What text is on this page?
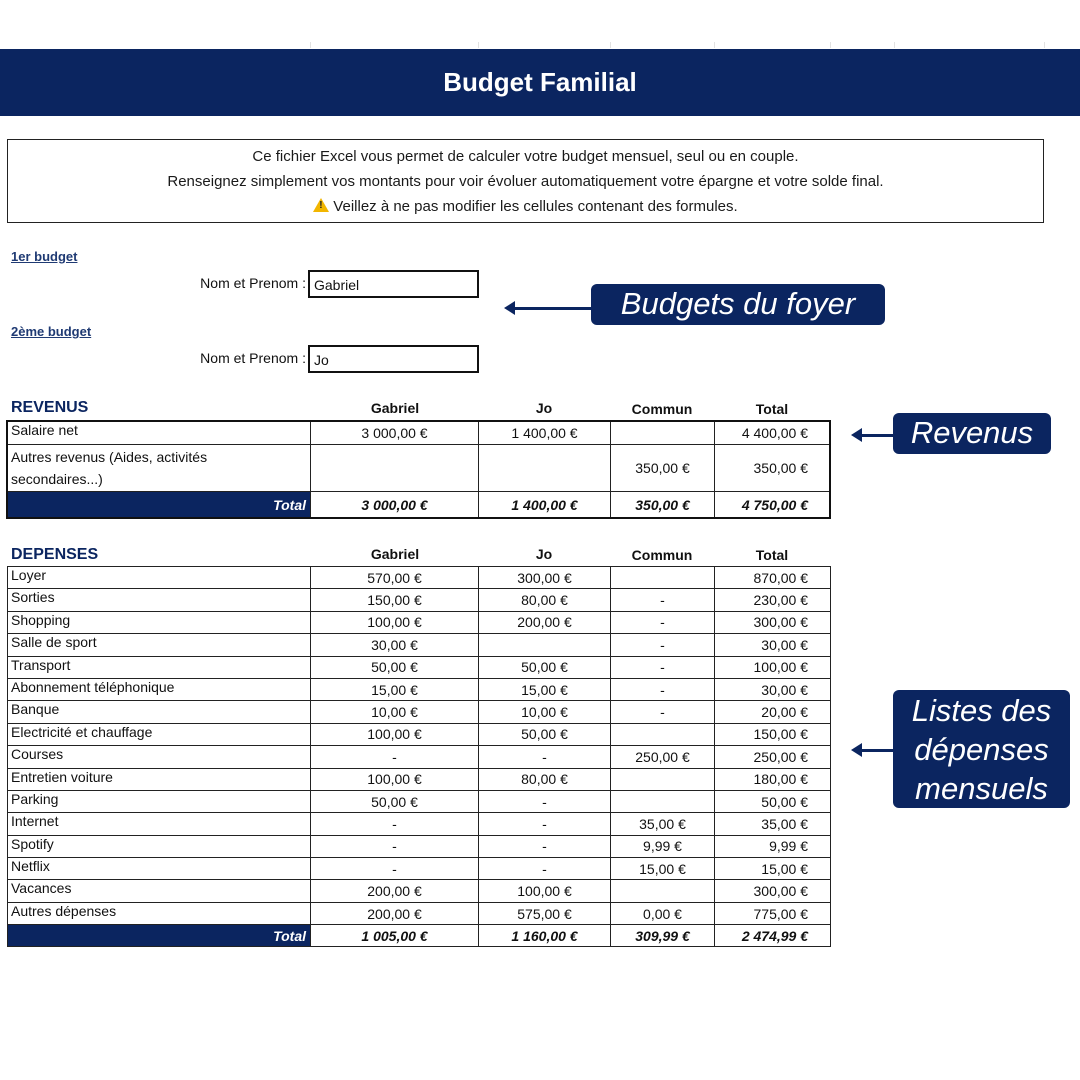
Budget Familial
Ce fichier Excel vous permet de calculer votre budget mensuel, seul ou en couple.
Renseignez simplement vos montants pour voir évoluer automatiquement votre épargne et votre solde final.
!Veillez à ne pas modifier les cellules contenant des formules.
1er budget
Nom et Prenom : Gabriel
2ème budget
Nom et Prenom : Jo
REVENUS	Gabriel	Jo	Commun	Total
Salaire net	3 000,00 €	1 400,00 €		4 400,00 €

Autres revenus (Aides, activités
secondaires...)			350,00 €	350,00 €
Total	3 000,00 €	1 400,00 €	350,00 €	4 750,00 €
DEPENSES	Gabriel	Jo	Commun	Total
Loyer	570,00 €	300,00 €		870,00 €
Sorties	150,00 €	80,00 €	-	230,00 €
Shopping	100,00 €	200,00 €	-	300,00 €
Salle de sport	30,00 €		-	30,00 €
Transport	50,00 €	50,00 €	-	100,00 €
Abonnement téléphonique	15,00 €	15,00 €	-	30,00 €
Banque	10,00 €	10,00 €	-	20,00 €
Electricité et chauffage	100,00 €	50,00 €		150,00 €
Courses	-	-	250,00 €	250,00 €
Entretien voiture	100,00 €	80,00 €		180,00 €
Parking	50,00 €	-		50,00 €
Internet	-	-	35,00 €	35,00 €
Spotify	-	-	9,99 €	9,99 €
Netflix	-	-	15,00 €	15,00 €
Vacances	200,00 €	100,00 €		300,00 €
Autres dépenses	200,00 €	575,00 €	0,00 €	775,00 €
Total	1 005,00 €	1 160,00 €	309,99 €	2 474,99 €
Budgets du foyer
Revenus
Listes des
dépenses
mensuels
